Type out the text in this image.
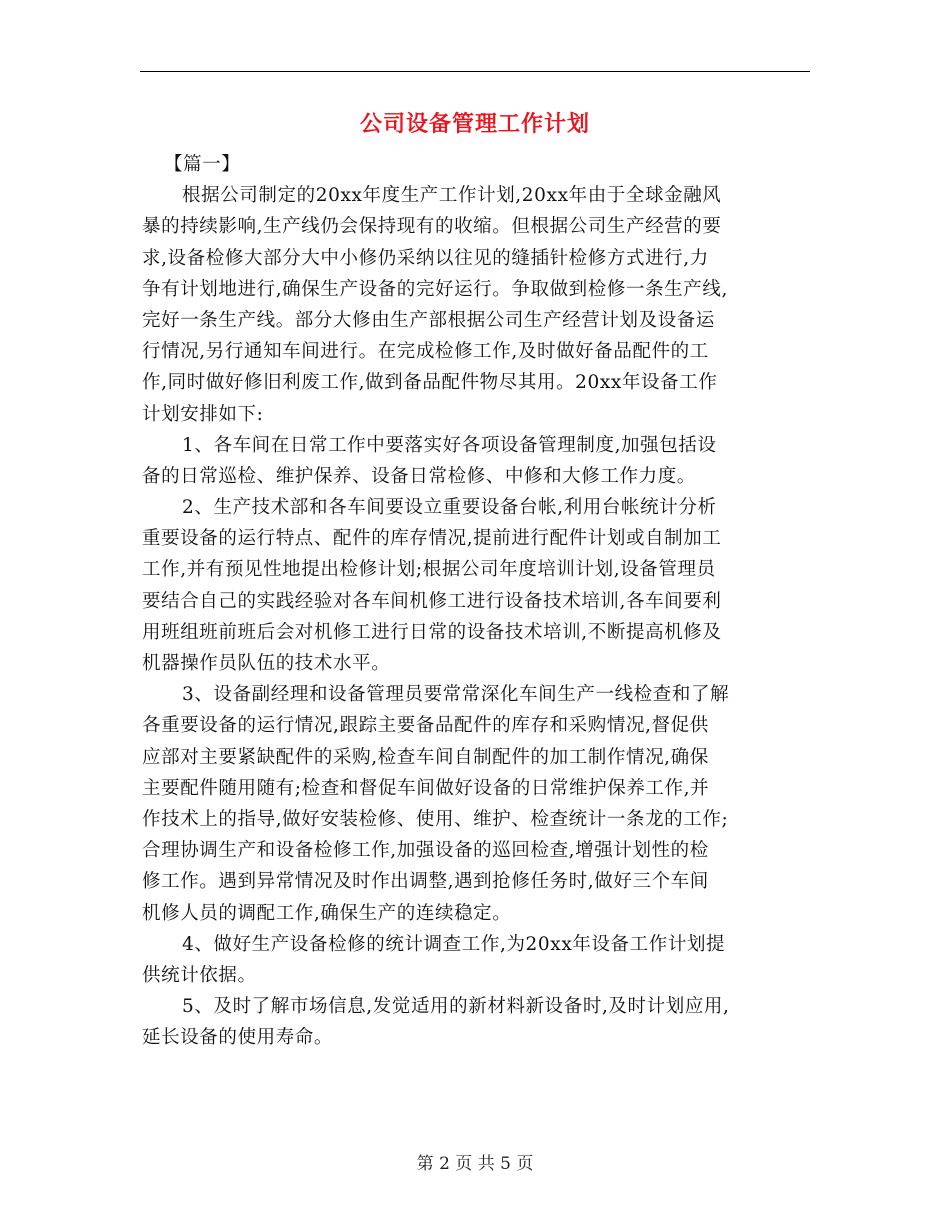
公司设备管理工作计划
【篇一】
根据公司制定的20xx年度生产工作计划,20xx年由于全球金融风
暴的持续影响,生产线仍会保持现有的收缩。但根据公司生产经营的要
求,设备检修大部分大中小修仍采纳以往见的缝插针检修方式进行,力
争有计划地进行,确保生产设备的完好运行。争取做到检修一条生产线,
完好一条生产线。部分大修由生产部根据公司生产经营计划及设备运
行情况,另行通知车间进行。在完成检修工作,及时做好备品配件的工
作,同时做好修旧利废工作,做到备品配件物尽其用。20xx年设备工作
计划安排如下:
1、各车间在日常工作中要落实好各项设备管理制度,加强包括设
备的日常巡检、维护保养、设备日常检修、中修和大修工作力度。
2、生产技术部和各车间要设立重要设备台帐,利用台帐统计分析
重要设备的运行特点、配件的库存情况,提前进行配件计划或自制加工
工作,并有预见性地提出检修计划;根据公司年度培训计划,设备管理员
要结合自己的实践经验对各车间机修工进行设备技术培训,各车间要利
用班组班前班后会对机修工进行日常的设备技术培训,不断提高机修及
机器操作员队伍的技术水平。
3、设备副经理和设备管理员要常常深化车间生产一线检查和了解
各重要设备的运行情况,跟踪主要备品配件的库存和采购情况,督促供
应部对主要紧缺配件的采购,检查车间自制配件的加工制作情况,确保
主要配件随用随有;检查和督促车间做好设备的日常维护保养工作,并
作技术上的指导,做好安装检修、使用、维护、检查统计一条龙的工作;
合理协调生产和设备检修工作,加强设备的巡回检查,增强计划性的检
修工作。遇到异常情况及时作出调整,遇到抢修任务时,做好三个车间
机修人员的调配工作,确保生产的连续稳定。
4、做好生产设备检修的统计调查工作,为20xx年设备工作计划提
供统计依据。
5、及时了解市场信息,发觉适用的新材料新设备时,及时计划应用,
延长设备的使用寿命。
第 2 页 共 5 页
